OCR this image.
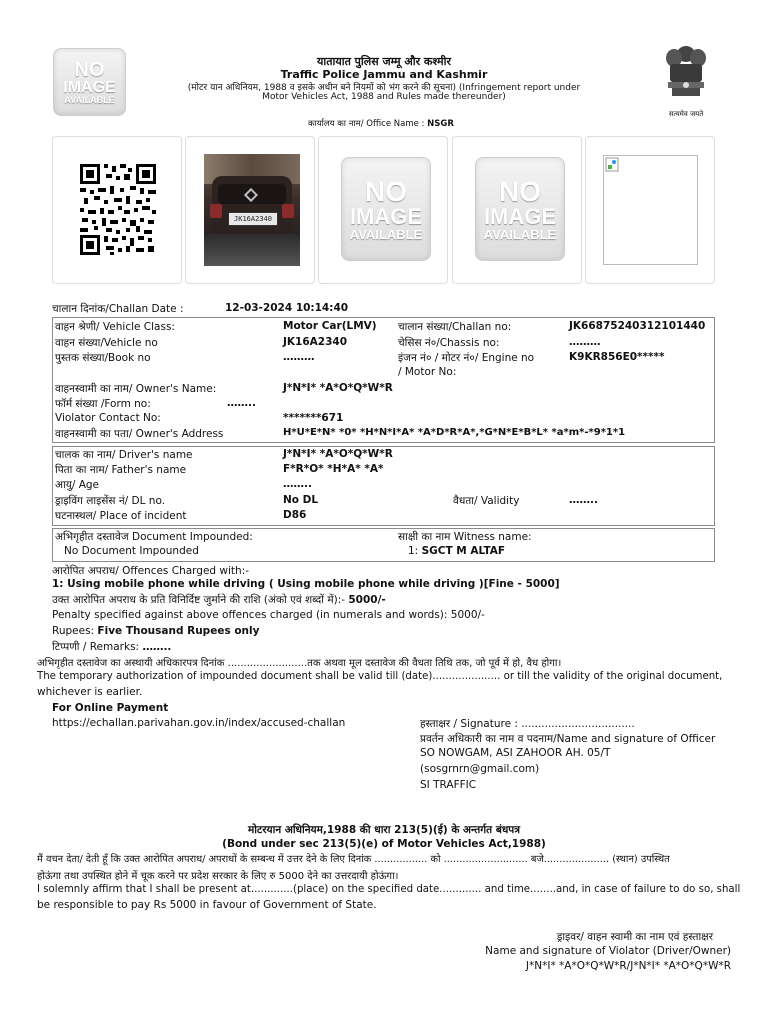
NO
IMAGE
AVAILABLE
यातायात पुलिस जम्मू और कश्मीर
Traffic Police Jammu and Kashmir
(मोटर यान अधिनियम, 1988 व इसके अधीन बने नियमों को भंग करने की सूचना) (Infringement report under
Motor Vehicles Act, 1988 and Rules made thereunder)
कार्यालय का नाम/ Office Name : NSGR
सत्यमेव जयते
JK16A2340
NO
IMAGE
AVAILABLE
NO
IMAGE
AVAILABLE
चालान दिनांक/Challan Date :	12-03-2024 10:14:40
वाहन श्रेणी/ Vehicle Class:	Motor Car(LMV) चालान संख्या/Challan no:	JK66875240312101440
वाहन संख्या/Vehicle no	JK16A2340	चेसिस नं०/Chassis no:	………
पुस्तक संख्या/Book no	………	इंजन नं० / मोटर नं०/ Engine no
/ Motor No:
K9KR856E0*****
वाहनस्वामी का नाम/ Owner's Name:	J*N*I* *A*O*Q*W*R
फॉर्म संख्या /Form no:	……..
Violator Contact No:	*******671
वाहनस्वामी का पता/ Owner's Address	H*U*E*N* *0* *H*N*I*A* *A*D*R*A*,*G*N*E*B*L* *a*m*-*9*1*1
चालक का नाम/ Driver's name	J*N*I* *A*O*Q*W*R
पिता का नाम/ Father's name	F*R*O* *H*A* *A*
आयु/ Age	……..
ड्राइविंग लाइसेंस नं/ DL no.	No DL	वैधता/ Validity	……..
घटनास्थल/ Place of incident	D86
अभिगृहीत दस्तावेज Document Impounded:
No Document Impounded
साक्षी का नाम Witness name:
1: SGCT M ALTAF
आरोपित अपराध/ Offences Charged with:-
1: Using mobile phone while driving ( Using mobile phone while driving )[Fine - 5000]
उक्त आरोपित अपराध के प्रति विनिर्दिष्ट जुर्माने की राशि (अंको एवं शब्दों में):- 5000/-
Penalty specified against above offences charged (in numerals and words): 5000/-
Rupees: Five Thousand Rupees only
टिप्पणी / Remarks: ……..
अभिगृहीत दस्तावेज का अस्थायी अधिकारपत्र दिनांक .........................तक अथवा मूल दस्तावेज की वैधता तिथि तक, जो पूर्व में हो, वैध होगा।
The temporary authorization of impounded document shall be valid till (date)..................... or till the validity of the original document,
whichever is earlier.
For Online Payment
https://echallan.parivahan.gov.in/index/accused-challan	हस्ताक्षर / Signature : ..................................
प्रवर्तन अधिकारी का नाम व पदनाम/Name and signature of Officer
SO NOWGAM, ASI ZAHOOR AH. 05/T
(sosgrnrn@gmail.com)
SI TRAFFIC
मोटरयान अधिनियम,1988 की धारा 213(5)(ई) के अन्तर्गत बंधपत्र
(Bond under sec 213(5)(e) of Motor Vehicles Act,1988)
मैं वचन देता/ देती हूँ कि उक्त आरोपित अपराध/ अपराधों के सम्बन्ध में उत्तर देने के लिए दिनांक ................. को ........................... बजे..................... (स्थान) उपस्थित
होऊंगा तथा उपस्थित होने में चूक करने पर प्रदेश सरकार के लिए रु 5000 देने का उत्तरदायी होऊंगा।
I solemnly affirm that I shall be present at.............(place) on the specified date............. and time........and, in case of failure to do so, shall
be responsible to pay Rs 5000 in favour of Government of State.
ड्राइवर/ वाहन स्वामी का नाम एवं हस्ताक्षर
Name and signature of Violator (Driver/Owner)
J*N*I* *A*O*Q*W*R/J*N*I* *A*O*Q*W*R
